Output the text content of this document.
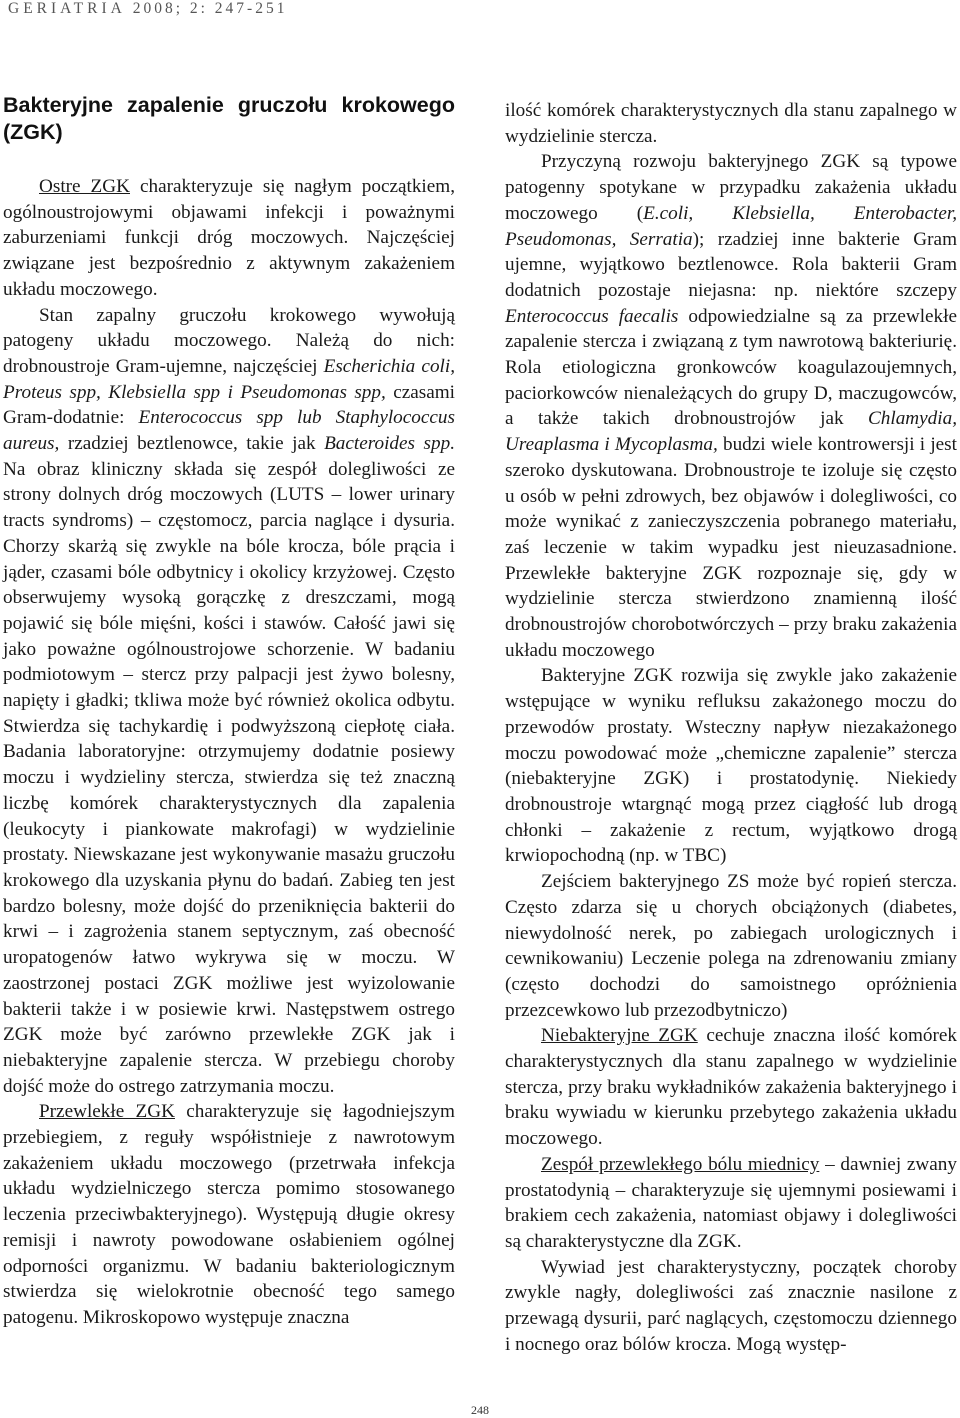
GERIATRIA 2008; 2: 247-251
Bakteryjne zapalenie gruczołu krokowego (ZGK)

Ostre ZGK charakteryzuje się nagłym początkiem, ogólnoustrojowymi objawami infekcji i poważnymi zaburzeniami funkcji dróg moczowych. Najczęściej związane jest bezpośrednio z aktywnym zakażeniem układu moczowego.

Stan zapalny gruczołu krokowego wywołują patogeny układu moczowego. Należą do nich: drobnoustroje Gram-ujemne, najczęściej Escherichia coli, Proteus spp, Klebsiella spp i Pseudomonas spp, czasami Gram-dodatnie: Enterococcus spp lub Staphylococcus aureus, rzadziej beztlenowce, takie jak Bacteroides spp. Na obraz kliniczny składa się zespół dolegliwości ze strony dolnych dróg moczowych (LUTS – lower urinary tracts syndroms) – częstomocz, parcia naglące i dysuria. Chorzy skarżą się zwykle na bóle krocza, bóle prącia i jąder, czasami bóle odbytnicy i okolicy krzyżowej. Często obserwujemy wysoką gorączkę z dreszczami, mogą pojawić się bóle mięśni, kości i stawów. Całość jawi się jako poważne ogólnoustrojowe schorzenie. W badaniu podmiotowym – stercz przy palpacji jest żywo bolesny, napięty i gładki; tkliwa może być również okolica odbytu. Stwierdza się tachykardię i podwyższoną ciepłotę ciała. Badania laboratoryjne: otrzymujemy dodatnie posiewy moczu i wydzieliny stercza, stwierdza się też znaczną liczbę komórek charakterystycznych dla zapalenia (leukocyty i piankowate makrofagi) w wydzielinie prostaty. Niewskazane jest wykonywanie masażu gruczołu krokowego dla uzyskania płynu do badań. Zabieg ten jest bardzo bolesny, może dojść do przeniknięcia bakterii do krwi – i zagrożenia stanem septycznym, zaś obecność uropatogenów łatwo wykrywa się w moczu. W zaostrzonej postaci ZGK możliwe jest wyizolowanie bakterii także i w posiewie krwi. Następstwem ostrego ZGK może być zarówno przewlekłe ZGK jak i niebakteryjne zapalenie stercza. W przebiegu choroby dojść może do ostrego zatrzymania moczu.

Przewlekłe ZGK charakteryzuje się łagodniejszym przebiegiem, z reguły współistnieje z nawrotowym zakażeniem układu moczowego (przetrwała infekcja układu wydzielniczego stercza pomimo stosowanego leczenia przeciwbakteryjnego). Występują długie okresy remisji i nawroty powodowane osłabieniem ogólnej odporności organizmu. W badaniu bakteriologicznym stwierdza się wielokrotnie obecność tego samego patogenu. Mikroskopowo występuje znaczna

ilość komórek charakterystycznych dla stanu zapalnego w wydzielinie stercza.

Przyczyną rozwoju bakteryjnego ZGK są typowe patogenny spotykane w przypadku zakażenia układu moczowego (E.coli, Klebsiella, Enterobacter, Pseudomonas, Serratia); rzadziej inne bakterie Gram ujemne, wyjątkowo beztlenowce. Rola bakterii Gram dodatnich pozostaje niejasna: np. niektóre szczepy Enterococcus faecalis odpowiedzialne są za przewlekłe zapalenie stercza i związaną z tym nawrotową bakteriurię. Rola etiologiczna gronkowców koagulazoujemnych, paciorkowców nienależących do grupy D, maczugowców, a także takich drobnoustrojów jak Chlamydia, Ureaplasma i Mycoplasma, budzi wiele kontrowersji i jest szeroko dyskutowana. Drobnoustroje te izoluje się często u osób w pełni zdrowych, bez objawów i dolegliwości, co może wynikać z zanieczyszczenia pobranego materiału, zaś leczenie w takim wypadku jest nieuzasadnione. Przewlekłe bakteryjne ZGK rozpoznaje się, gdy w wydzielinie stercza stwierdzono znamienną ilość drobnoustrojów chorobotwórczych – przy braku zakażenia układu moczowego

Bakteryjne ZGK rozwija się zwykle jako zakażenie wstępujące w wyniku refluksu zakażonego moczu do przewodów prostaty. Wsteczny napływ niezakażonego moczu powodować może „chemiczne zapalenie” stercza (niebakteryjne ZGK) i prostatodynię. Niekiedy drobnoustroje wtargnąć mogą przez ciągłość lub drogą chłonki – zakażenie z rectum, wyjątkowo drogą krwiopochodną (np. w TBC)

Zejściem bakteryjnego ZS może być ropień stercza. Często zdarza się u chorych obciążonych (diabetes, niewydolność nerek, po zabiegach urologicznych i cewnikowaniu) Leczenie polega na zdrenowaniu zmiany (często dochodzi do samoistnego opróżnienia przezcewkowo lub przezodbytniczo)

Niebakteryjne ZGK cechuje znaczna ilość komórek charakterystycznych dla stanu zapalnego w wydzielinie stercza, przy braku wykładników zakażenia bakteryjnego i braku wywiadu w kierunku przebytego zakażenia układu moczowego.

Zespół przewlekłego bólu miednicy – dawniej zwany prostatodynią – charakteryzuje się ujemnymi posiewami i brakiem cech zakażenia, natomiast objawy i dolegliwości są charakterystyczne dla ZGK.

Wywiad jest charakterystyczny, początek choroby zwykle nagły, dolegliwości zaś znacznie nasilone z przewagą dysurii, parć naglących, częstomoczu dziennego i nocnego oraz bólów krocza. Mogą występ-

248
